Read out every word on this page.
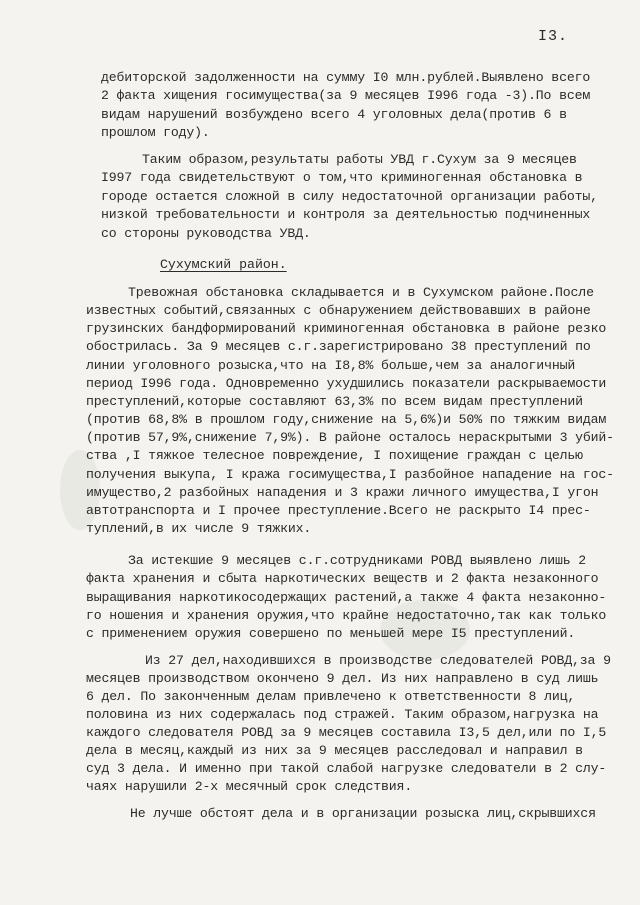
I3.
дебиторской задолженности на сумму I0 млн.рублей.Выявлено всего
2 факта хищения госимущества(за 9 месяцев I996 года -3).По всем
видам нарушений возбуждено всего 4 уголовных дела(против 6 в
прошлом году).
Таким образом,результаты работы УВД г.Сухум за 9 месяцев
I997 года свидетельствуют о том,что криминогенная обстановка в
городе остается сложной в силу недостаточной организации работы,
низкой требовательности и контроля за деятельностью подчиненных
со стороны руководства УВД.
Сухумский район.
Тревожная обстановка складывается и в Сухумском районе.После
известных событий,связанных с обнаружением действовавших в районе
грузинских бандформирований криминогенная обстановка в районе резко
обострилась. За 9 месяцев с.г.зарегистрировано 38 преступлений по
линии уголовного розыска,что на I8,8% больше,чем за аналогичный
период I996 года. Одновременно ухудшились показатели раскрываемости
преступлений,которые составляют 63,3% по всем видам преступлений
(против 68,8% в прошлом году,снижение на 5,6%)и 50% по тяжким видам
(против 57,9%,снижение 7,9%). В районе осталось нераскрытыми 3 убий-
ства ,I тяжкое телесное повреждение, I похищение граждан с целью
получения выкупа, I кража госимущества,I разбойное нападение на гос-
имущество,2 разбойных нападения и 3 кражи личного имущества,I угон
автотранспорта и I прочее преступление.Всего не раскрыто I4 прес-
туплений,в их числе 9 тяжких.
За истекшие 9 месяцев с.г.сотрудниками РОВД выявлено лишь 2
факта хранения и сбыта наркотических веществ и 2 факта незаконного
выращивания наркотикосодержащих растений,а также 4 факта незаконно-
го ношения и хранения оружия,что крайне недостаточно,так как только
с применением оружия совершено по меньшей мере I5 преступлений.
Из 27 дел,находившихся в производстве следователей РОВД,за 9
месяцев производством окончено 9 дел. Из них направлено в суд лишь
6 дел. По законченным делам привлечено к ответственности 8 лиц,
половина из них содержалась под стражей. Таким образом,нагрузка на
каждого следователя РОВД за 9 месяцев составила I3,5 дел,или по I,5
дела в месяц,каждый из них за 9 месяцев расследовал и направил в
суд 3 дела. И именно при такой слабой нагрузке следователи в 2 слу-
чаях нарушили 2-х месячный срок следствия.
Не лучше обстоят дела и в организации розыска лиц,скрывшихся
